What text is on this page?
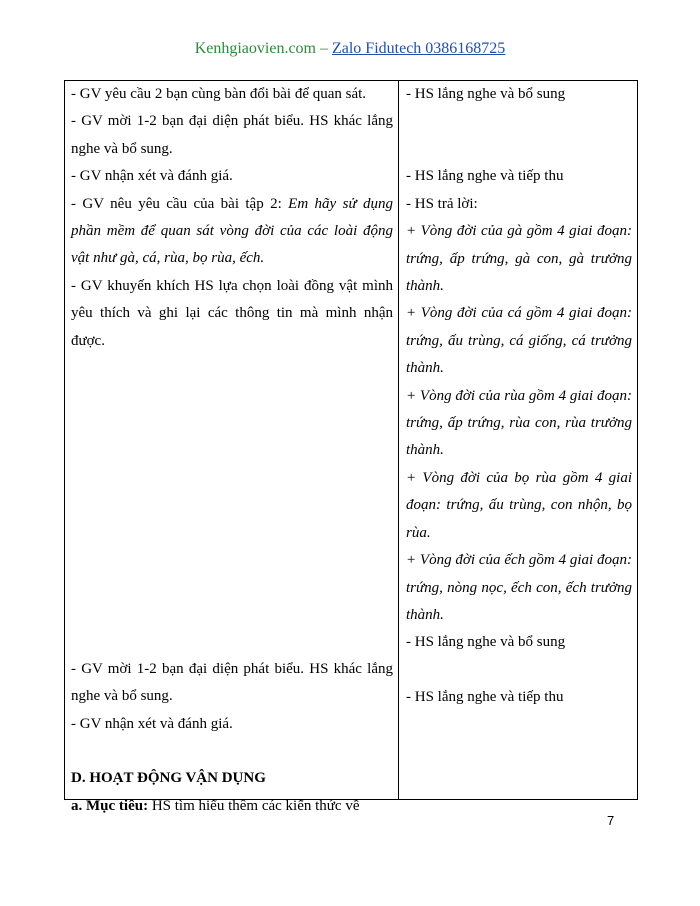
Kenhgiaovien.com – Zalo Fidutech 0386168725

- GV yêu cầu 2 bạn cùng bàn đổi bài để quan sát.

- GV mời 1-2 bạn đại diện phát biểu. HS khác lắng nghe và bổ sung.

- GV nhận xét và đánh giá.

- GV nêu yêu cầu của bài tập 2: Em hãy sử dụng phần mềm để quan sát vòng đời của các loài động vật như gà, cá, rùa, bọ rùa, ếch.

- GV khuyến khích HS lựa chọn loài đồng vật mình yêu thích và ghi lại các thông tin mà mình nhận được.

- GV mời 1-2 bạn đại diện phát biểu. HS khác lắng nghe và bổ sung.

- GV nhận xét và đánh giá.

D. HOẠT ĐỘNG VẬN DỤNG

a. Mục tiêu: HS tìm hiểu thêm các kiến thức về

- HS lắng nghe và bổ sung

- HS lắng nghe và tiếp thu

- HS trả lời:

+ Vòng đời của gà gồm 4 giai đoạn: trứng, ấp trứng, gà con, gà trưởng thành.

+ Vòng đời của cá gồm 4 giai đoạn: trứng, ấu trùng, cá giống, cá trưởng thành.

+ Vòng đời của rùa gồm 4 giai đoạn: trứng, ấp trứng, rùa con, rùa trưởng thành.

+ Vòng đời của bọ rùa gồm 4 giai đoạn: trứng, ấu trùng, con nhộn, bọ rùa.

+ Vòng đời của ếch gồm 4 giai đoạn: trứng, nòng nọc, ếch con, ếch trưởng thành.

- HS lắng nghe và bổ sung

- HS lắng nghe và tiếp thu

7
